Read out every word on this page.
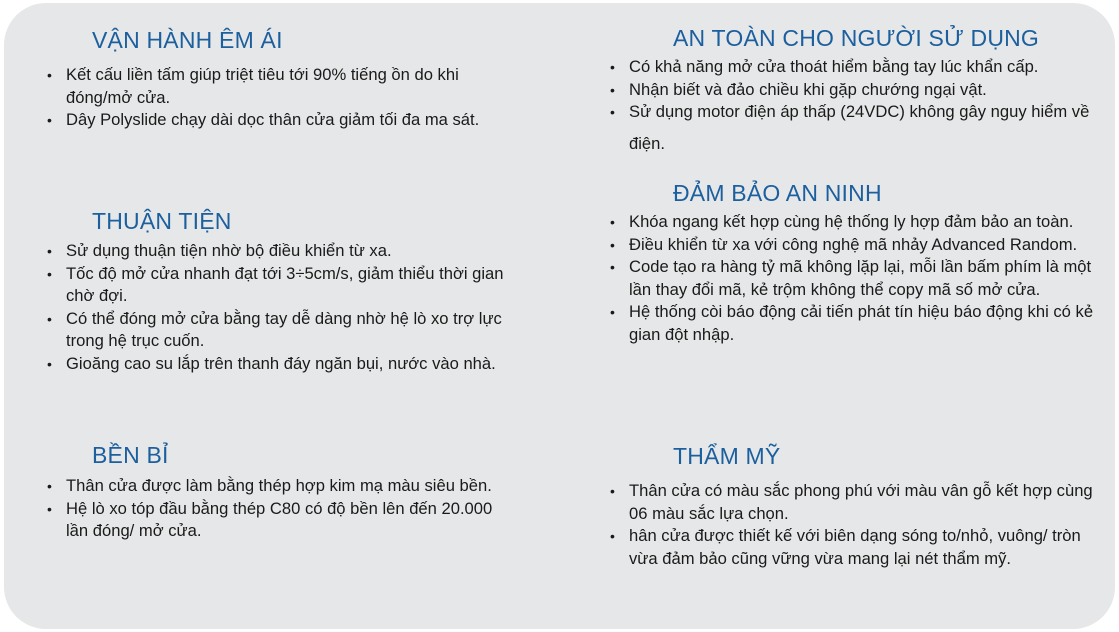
VẬN HÀNH ÊM ÁI
• Kết cấu liền tấm giúp triệt tiêu tới 90% tiếng ồn do khi đóng/mở cửa.
• Dây Polyslide chạy dài dọc thân cửa giảm tối đa ma sát.
THUẬN TIỆN
• Sử dụng thuận tiện nhờ bộ điều khiển từ xa.
• Tốc độ mở cửa nhanh đạt tới 3÷5cm/s, giảm thiểu thời gian chờ đợi.
• Có thể đóng mở cửa bằng tay dễ dàng nhờ hệ lò xo trợ lực trong hệ trục cuốn.
• Gioăng cao su lắp trên thanh đáy ngăn bụi, nước vào nhà.
BỀN BỈ
• Thân cửa được làm bằng thép hợp kim mạ màu siêu bền.
• Hệ lò xo tóp đầu bằng thép C80 có độ bền lên đến 20.000 lần đóng/ mở cửa.
AN TOÀN CHO NGƯỜI SỬ DỤNG
• Có khả năng mở cửa thoát hiểm bằng tay lúc khẩn cấp.
• Nhận biết và đảo chiều khi gặp chướng ngại vật.
• Sử dụng motor điện áp thấp (24VDC) không gây nguy hiểm về điện.
ĐẢM BẢO AN NINH
• Khóa ngang kết hợp cùng hệ thống ly hợp đảm bảo an toàn.
• Điều khiển từ xa với công nghệ mã nhảy Advanced Random.
• Code tạo ra hàng tỷ mã không lặp lại, mỗi lần bấm phím là một lần thay đổi mã, kẻ trộm không thể copy mã số mở cửa.
• Hệ thống còi báo động cải tiến phát tín hiệu báo động khi có kẻ gian đột nhập.
THẨM MỸ
• Thân cửa có màu sắc phong phú với màu vân gỗ kết hợp cùng 06 màu sắc lựa chọn.
• hân cửa được thiết kế với biên dạng sóng to/nhỏ, vuông/ tròn vừa đảm bảo cũng vững vừa mang lại nét thẩm mỹ.
